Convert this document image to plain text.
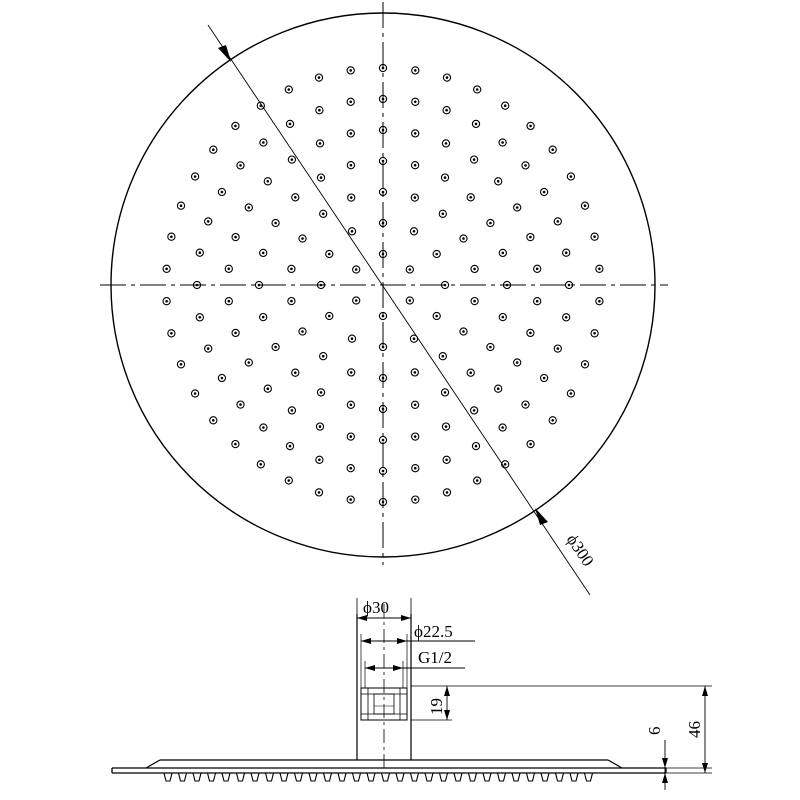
ϕ300
ϕ30
ϕ22.5
G1/2
19
6 46
